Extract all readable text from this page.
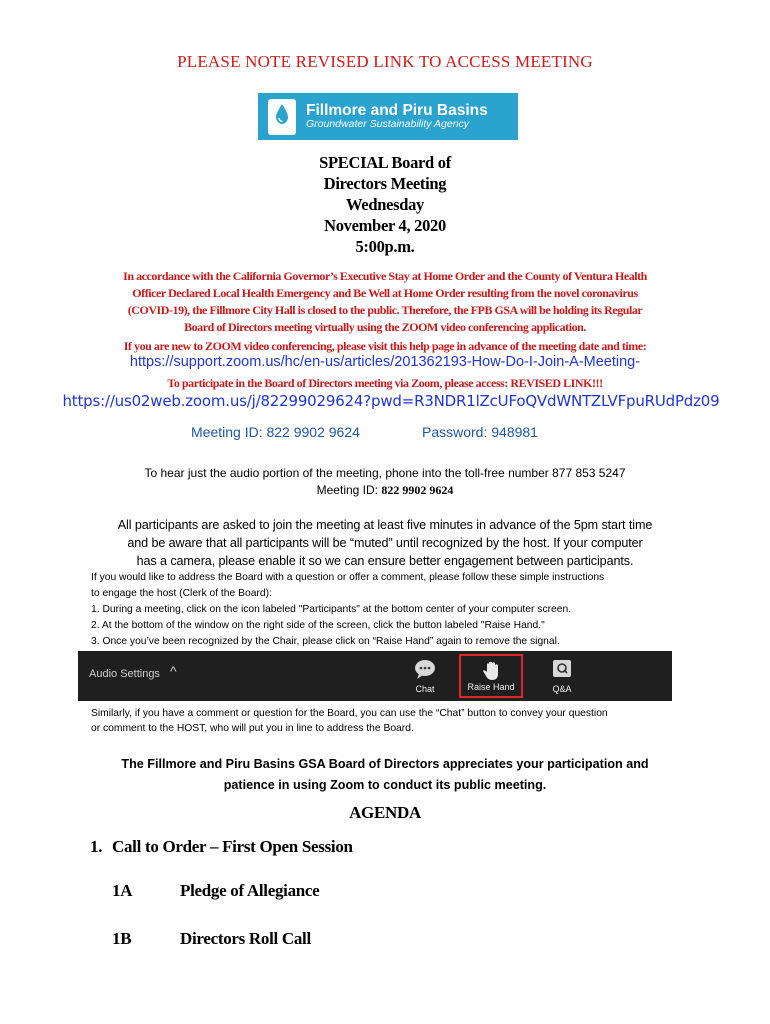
PLEASE NOTE REVISED LINK TO ACCESS MEETING
Fillmore and Piru Basins
Groundwater Sustainability Agency
SPECIAL Board of
Directors Meeting
Wednesday
November 4, 2020
5:00p.m.
In accordance with the California Governor’s Executive Stay at Home Order and the County of Ventura Health
Officer Declared Local Health Emergency and Be Well at Home Order resulting from the novel coronavirus
(COVID-19), the Fillmore City Hall is closed to the public. Therefore, the FPB GSA will be holding its Regular
Board of Directors meeting virtually using the ZOOM video conferencing application.
If you are new to ZOOM video conferencing, please visit this help page in advance of the meeting date and time:
https://support.zoom.us/hc/en-us/articles/201362193-How-Do-I-Join-A-Meeting-
To participate in the Board of Directors meeting via Zoom, please access: REVISED LINK!!!
https://us02web.zoom.us/j/82299029624?pwd=R3NDR1lZcUFoQVdWNTZLVFpuRUdPdz09
Meeting ID: 822 9902 9624	Password: 948981
To hear just the audio portion of the meeting, phone into the toll-free number 877 853 5247
Meeting ID: 822 9902 9624
All participants are asked to join the meeting at least five minutes in advance of the 5pm start time
and be aware that all participants will be “muted” until recognized by the host. If your computer
has a camera, please enable it so we can ensure better engagement between participants.
If you would like to address the Board with a question or offer a comment, please follow these simple instructions
to engage the host (Clerk of the Board):
1. During a meeting, click on the icon labeled "Participants" at the bottom center of your computer screen.
2. At the bottom of the window on the right side of the screen, click the button labeled "Raise Hand."
3. Once you’ve been recognized by the Chair, please click on “Raise Hand” again to remove the signal.
Audio Settings ^
Chat	Raise Hand	Q&A
Similarly, if you have a comment or question for the Board, you can use the “Chat” button to convey your question
or comment to the HOST, who will put you in line to address the Board.
The Fillmore and Piru Basins GSA Board of Directors appreciates your participation and
patience in using Zoom to conduct its public meeting.
AGENDA
1. Call to Order – First Open Session
1A	Pledge of Allegiance
1B	Directors Roll Call
